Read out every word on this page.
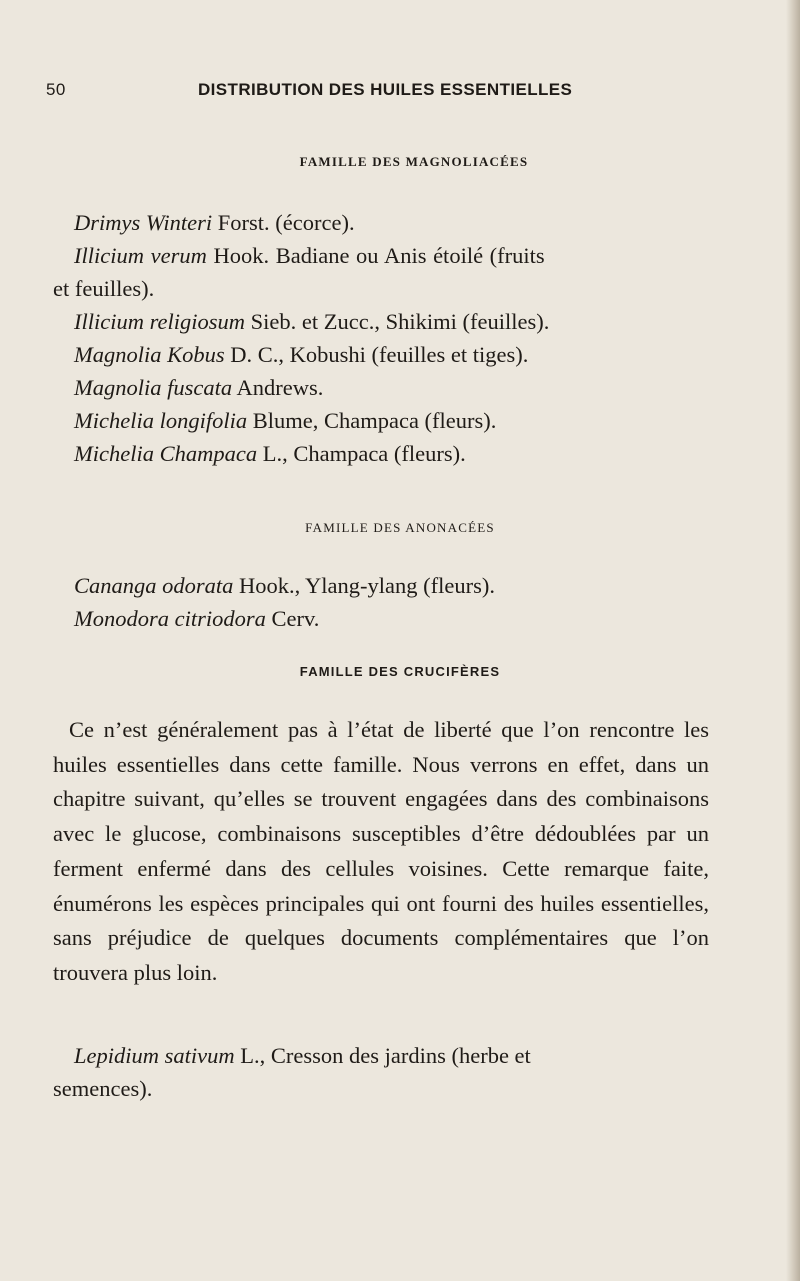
50	DISTRIBUTION DES HUILES ESSENTIELLES
FAMILLE DES MAGNOLIACÉES
Drimys Winteri Forst. (écorce).
Illicium verum Hook. Badiane ou Anis étoilé (fruits
et feuilles).
Illicium religiosum Sieb. et Zucc., Shikimi (feuilles).
Magnolia Kobus D. C., Kobushi (feuilles et tiges).
Magnolia fuscata Andrews.
Michelia longifolia Blume, Champaca (fleurs).
Michelia Champaca L., Champaca (fleurs).
FAMILLE DES ANONACÉES
Cananga odorata Hook., Ylang-ylang (fleurs).
Monodora citriodora Cerv.
FAMILLE DES CRUCIFÈRES
Ce n’est généralement pas à l’état de liberté que l’on rencontre les huiles essentielles dans cette famille. Nous verrons en effet, dans un chapitre suivant, qu’elles se trouvent engagées dans des combinaisons avec le glucose, combinaisons susceptibles d’être dédoublées par un ferment enfermé dans des cellules voisines. Cette remarque faite, énumérons les espèces principales qui ont fourni des huiles essentielles, sans préjudice de quelques documents complémentaires que l’on trouvera plus loin.
Lepidium sativum L., Cresson des jardins (herbe et
semences).
